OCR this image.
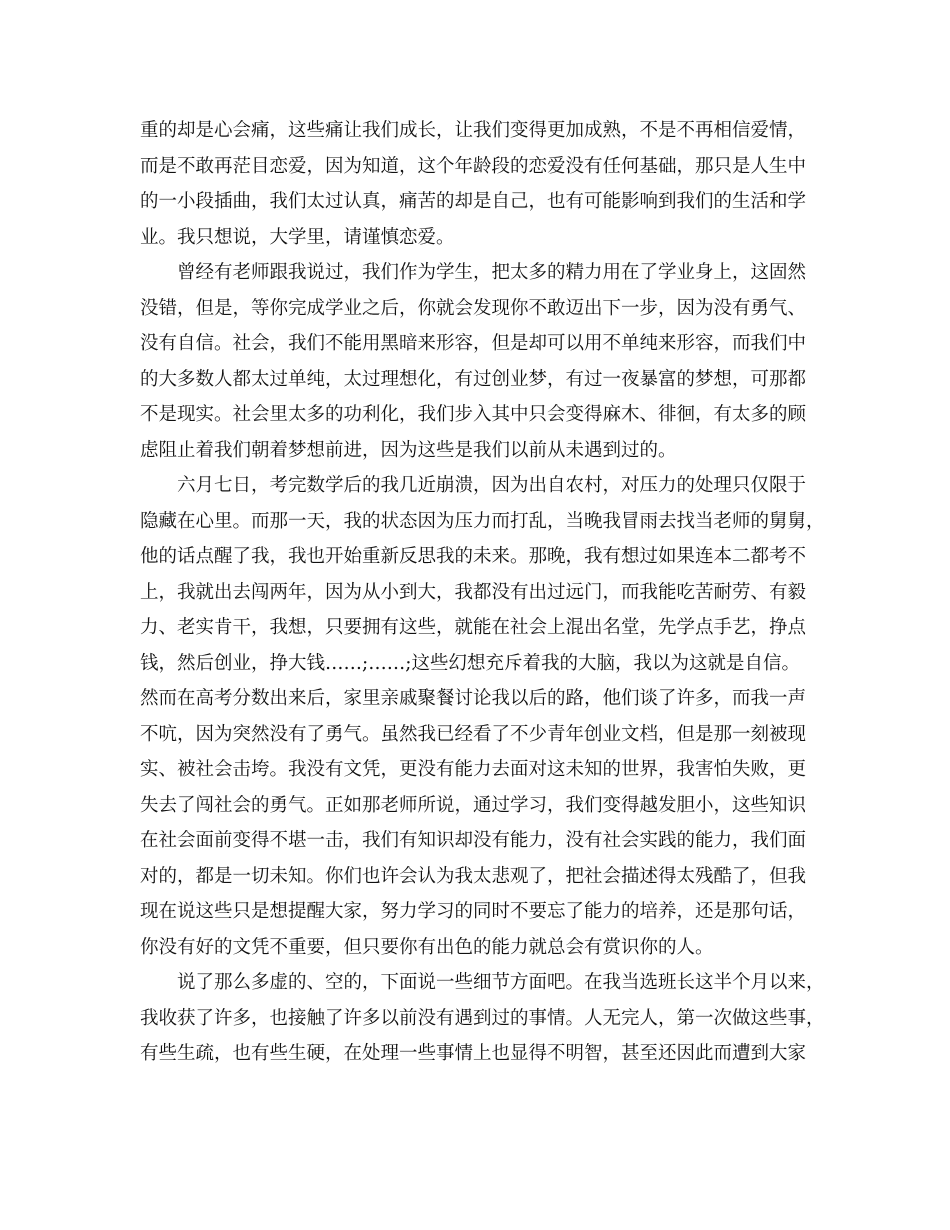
重的却是心会痛，这些痛让我们成长，让我们变得更加成熟，不是不再相信爱情，
而是不敢再茫目恋爱，因为知道，这个年龄段的恋爱没有任何基础，那只是人生中
的一小段插曲，我们太过认真，痛苦的却是自己，也有可能影响到我们的生活和学
业。我只想说，大学里，请谨慎恋爱。
曾经有老师跟我说过，我们作为学生，把太多的精力用在了学业身上，这固然
没错，但是，等你完成学业之后，你就会发现你不敢迈出下一步，因为没有勇气、
没有自信。社会，我们不能用黑暗来形容，但是却可以用不单纯来形容，而我们中
的大多数人都太过单纯，太过理想化，有过创业梦，有过一夜暴富的梦想，可那都
不是现实。社会里太多的功利化，我们步入其中只会变得麻木、徘徊，有太多的顾
虑阻止着我们朝着梦想前进，因为这些是我们以前从未遇到过的。
六月七日，考完数学后的我几近崩溃，因为出自农村，对压力的处理只仅限于
隐藏在心里。而那一天，我的状态因为压力而打乱，当晚我冒雨去找当老师的舅舅，
他的话点醒了我，我也开始重新反思我的未来。那晚，我有想过如果连本二都考不
上，我就出去闯两年，因为从小到大，我都没有出过远门，而我能吃苦耐劳、有毅
力、老实肯干，我想，只要拥有这些，就能在社会上混出名堂，先学点手艺，挣点
钱，然后创业，挣大钱……;……;这些幻想充斥着我的大脑，我以为这就是自信。
然而在高考分数出来后，家里亲戚聚餐讨论我以后的路，他们谈了许多，而我一声
不吭，因为突然没有了勇气。虽然我已经看了不少青年创业文档，但是那一刻被现
实、被社会击垮。我没有文凭，更没有能力去面对这未知的世界，我害怕失败，更
失去了闯社会的勇气。正如那老师所说，通过学习，我们变得越发胆小，这些知识
在社会面前变得不堪一击，我们有知识却没有能力，没有社会实践的能力，我们面
对的，都是一切未知。你们也许会认为我太悲观了，把社会描述得太残酷了，但我
现在说这些只是想提醒大家，努力学习的同时不要忘了能力的培养，还是那句话，
你没有好的文凭不重要，但只要你有出色的能力就总会有赏识你的人。
说了那么多虚的、空的，下面说一些细节方面吧。在我当选班长这半个月以来，
我收获了许多，也接触了许多以前没有遇到过的事情。人无完人，第一次做这些事，
有些生疏，也有些生硬，在处理一些事情上也显得不明智，甚至还因此而遭到大家
